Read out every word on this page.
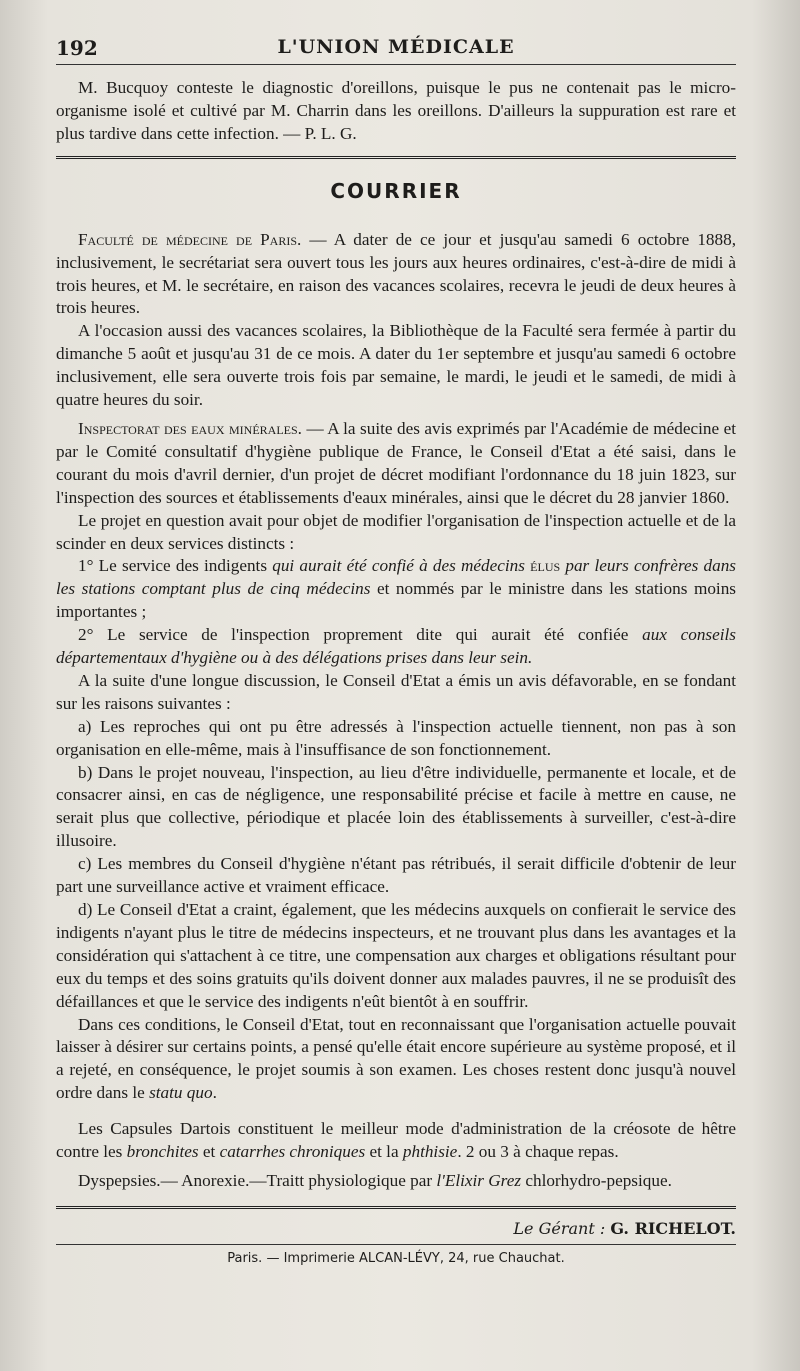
192	L'UNION MÉDICALE

M. Bucquoy conteste le diagnostic d'oreillons, puisque le pus ne contenait pas le micro-organisme isolé et cultivé par M. Charrin dans les oreillons. D'ailleurs la suppuration est rare et plus tardive dans cette infection. — P. L. G.

COURRIER

Faculté de médecine de Paris. — A dater de ce jour et jusqu'au samedi 6 octobre 1888, inclusivement, le secrétariat sera ouvert tous les jours aux heures ordinaires, c'est-à-dire de midi à trois heures, et M. le secrétaire, en raison des vacances scolaires, recevra le jeudi de deux heures à trois heures.

A l'occasion aussi des vacances scolaires, la Bibliothèque de la Faculté sera fermée à partir du dimanche 5 août et jusqu'au 31 de ce mois. A dater du 1er septembre et jusqu'au samedi 6 octobre inclusivement, elle sera ouverte trois fois par semaine, le mardi, le jeudi et le samedi, de midi à quatre heures du soir.

Inspectorat des eaux minérales. — A la suite des avis exprimés par l'Académie de médecine et par le Comité consultatif d'hygiène publique de France, le Conseil d'Etat a été saisi, dans le courant du mois d'avril dernier, d'un projet de décret modifiant l'ordonnance du 18 juin 1823, sur l'inspection des sources et établissements d'eaux minérales, ainsi que le décret du 28 janvier 1860.

Le projet en question avait pour objet de modifier l'organisation de l'inspection actuelle et de la scinder en deux services distincts :

1° Le service des indigents qui aurait été confié à des médecins élus par leurs confrères dans les stations comptant plus de cinq médecins et nommés par le ministre dans les stations moins importantes ;

2° Le service de l'inspection proprement dite qui aurait été confiée aux conseils départementaux d'hygiène ou à des délégations prises dans leur sein.

A la suite d'une longue discussion, le Conseil d'Etat a émis un avis défavorable, en se fondant sur les raisons suivantes :

a) Les reproches qui ont pu être adressés à l'inspection actuelle tiennent, non pas à son organisation en elle-même, mais à l'insuffisance de son fonctionnement.

b) Dans le projet nouveau, l'inspection, au lieu d'être individuelle, permanente et locale, et de consacrer ainsi, en cas de négligence, une responsabilité précise et facile à mettre en cause, ne serait plus que collective, périodique et placée loin des établissements à surveiller, c'est-à-dire illusoire.

c) Les membres du Conseil d'hygiène n'étant pas rétribués, il serait difficile d'obtenir de leur part une surveillance active et vraiment efficace.

d) Le Conseil d'Etat a craint, également, que les médecins auxquels on confierait le service des indigents n'ayant plus le titre de médecins inspecteurs, et ne trouvant plus dans les avantages et la considération qui s'attachent à ce titre, une compensation aux charges et obligations résultant pour eux du temps et des soins gratuits qu'ils doivent donner aux malades pauvres, il ne se produisît des défaillances et que le service des indigents n'eût bientôt à en souffrir.

Dans ces conditions, le Conseil d'Etat, tout en reconnaissant que l'organisation actuelle pouvait laisser à désirer sur certains points, a pensé qu'elle était encore supérieure au système proposé, et il a rejeté, en conséquence, le projet soumis à son examen. Les choses restent donc jusqu'à nouvel ordre dans le statu quo.

Les Capsules Dartois constituent le meilleur mode d'administration de la créosote de hêtre contre les bronchites et catarrhes chroniques et la phthisie. 2 ou 3 à chaque repas.

Dyspepsies.— Anorexie.—Traitt physiologique par l'Elixir Grez chlorhydro-pepsique.

Le Gérant : G. RICHELOT.
Paris. — Imprimerie ALCAN-LÉVY, 24, rue Chauchat.
